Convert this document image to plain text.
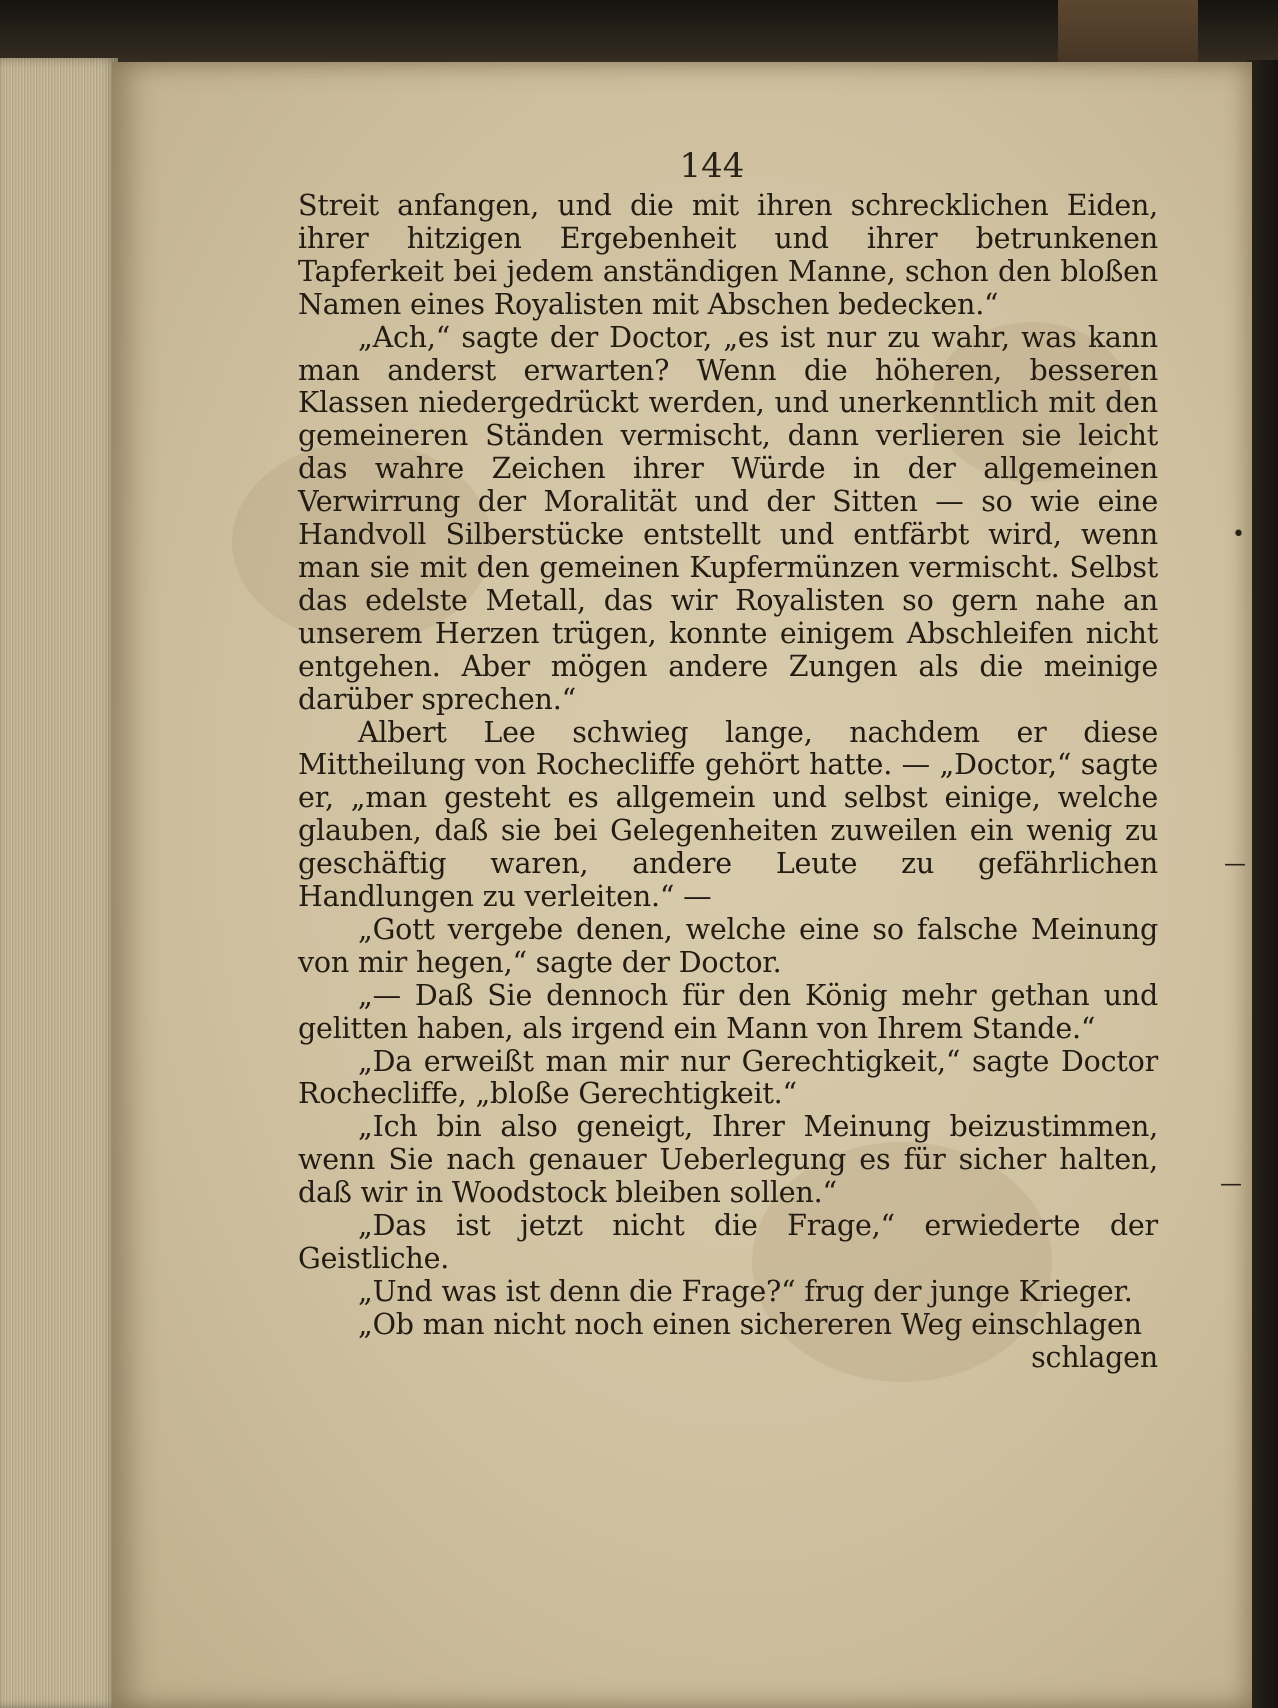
144

Streit anfangen, und die mit ihren schrecklichen Eiden, ihrer hitzigen Ergebenheit und ihrer betrunkenen Tapferkeit bei jedem anständigen Manne, schon den bloßen Namen eines Royalisten mit Abschen bedecken.“

„Ach,“ sagte der Doctor, „es ist nur zu wahr, was kann man anderst erwarten? Wenn die höheren, besseren Klassen niedergedrückt werden, und unerkenntlich mit den gemeineren Ständen vermischt, dann verlieren sie leicht das wahre Zeichen ihrer Würde in der allgemeinen Verwirrung der Moralität und der Sitten — so wie eine Handvoll Silberstücke entstellt und entfärbt wird, wenn man sie mit den gemeinen Kupfermünzen vermischt. Selbst das edelste Metall, das wir Royalisten so gern nahe an unserem Herzen trügen, konnte einigem Abschleifen nicht entgehen. Aber mögen andere Zungen als die meinige darüber sprechen.“

Albert Lee schwieg lange, nachdem er diese Mittheilung von Rochecliffe gehört hatte. — „Doctor,“ sagte er, „man gesteht es allgemein und selbst einige, welche glauben, daß sie bei Gelegenheiten zuweilen ein wenig zu geschäftig waren, andere Leute zu gefährlichen Handlungen zu verleiten.“ —

„Gott vergebe denen, welche eine so falsche Meinung von mir hegen,“ sagte der Doctor.

„— Daß Sie dennoch für den König mehr gethan und gelitten haben, als irgend ein Mann von Ihrem Stande.“

„Da erweißt man mir nur Gerechtigkeit,“ sagte Doctor Rochecliffe, „bloße Gerechtigkeit.“

„Ich bin also geneigt, Ihrer Meinung beizustimmen, wenn Sie nach genauer Ueberlegung es für sicher halten, daß wir in Woodstock bleiben sollen.“

„Das ist jetzt nicht die Frage,“ erwiederte der Geistliche.

„Und was ist denn die Frage?“ frug der junge Krieger.

„Ob man nicht noch einen sichereren Weg einschlagen

schlagen

•
—
—
